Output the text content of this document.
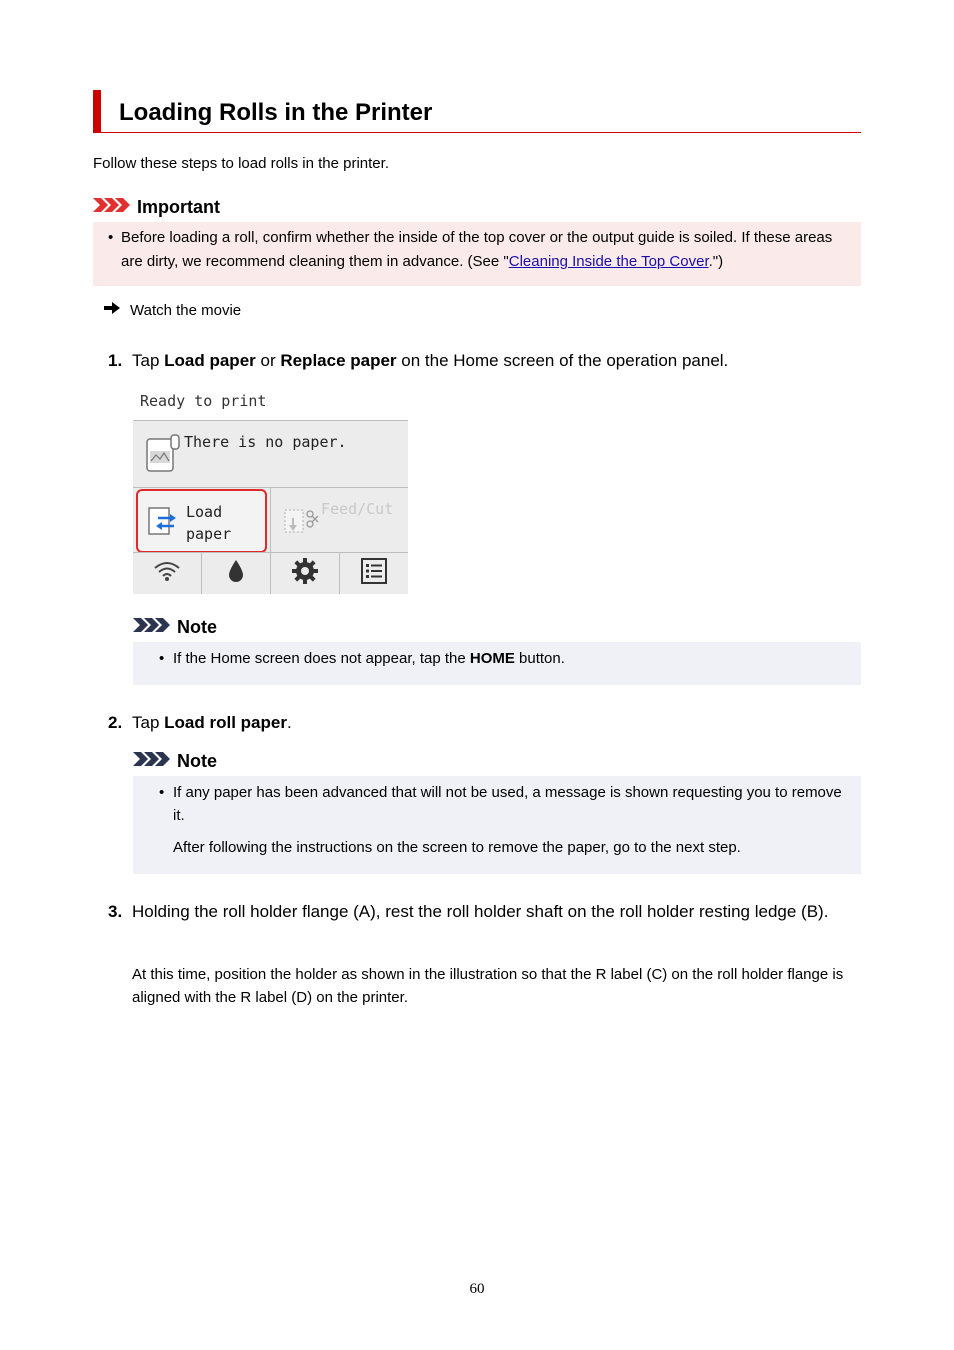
Loading Rolls in the Printer
Follow these steps to load rolls in the printer.
Important
• Before loading a roll, confirm whether the inside of the top cover or the output guide is soiled. If these areas are dirty, we recommend cleaning them in advance. (See "Cleaning Inside the Top Cover.")
Watch the movie
1. Tap Load paper or Replace paper on the Home screen of the operation panel.
Ready to print
There is no paper.
Load
paper
Feed/Cut
Note
• If the Home screen does not appear, tap the HOME button.
2. Tap Load roll paper.
Note
• If any paper has been advanced that will not be used, a message is shown requesting you to remove it.
After following the instructions on the screen to remove the paper, go to the next step.
3. Holding the roll holder flange (A), rest the roll holder shaft on the roll holder resting ledge (B).
At this time, position the holder as shown in the illustration so that the R label (C) on the roll holder flange is aligned with the R label (D) on the printer.
60
